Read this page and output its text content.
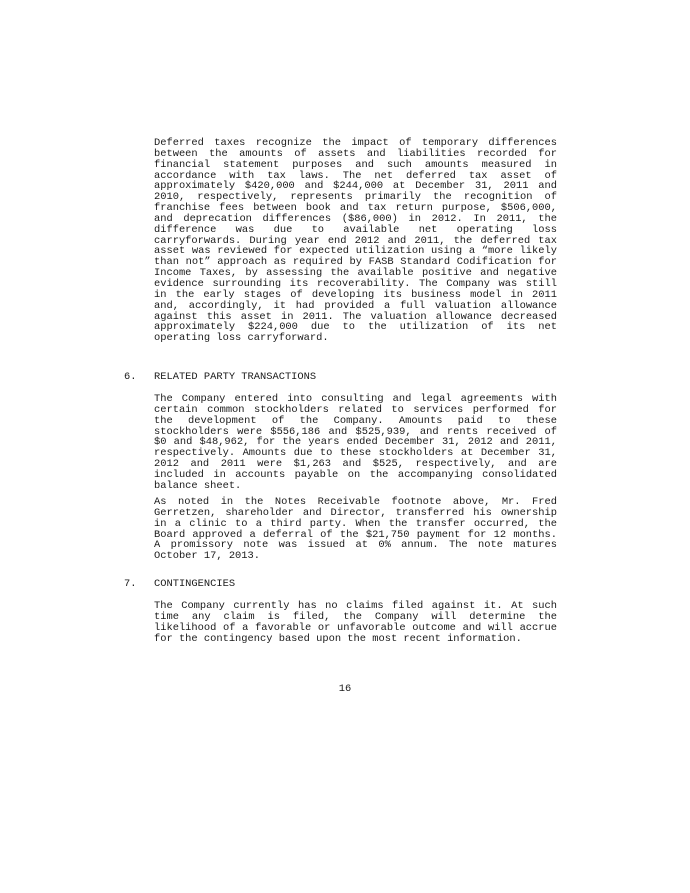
Deferred taxes recognize the impact of temporary differences between the amounts of assets and liabilities recorded for financial statement purposes and such amounts measured in accordance with tax laws. The net deferred tax asset of approximately $420,000 and $244,000 at December 31, 2011 and 2010, respectively, represents primarily the recognition of franchise fees between book and tax return purpose, $506,000, and deprecation differences ($86,000) in 2012. In 2011, the difference was due to available net operating loss carryforwards. During year end 2012 and 2011, the deferred tax asset was reviewed for expected utilization using a “more likely than not” approach as required by FASB Standard Codification for Income Taxes, by assessing the available positive and negative evidence surrounding its recoverability. The Company was still in the early stages of developing its business model in 2011 and, accordingly, it had provided a full valuation allowance against this asset in 2011. The valuation allowance decreased approximately $224,000 due to the utilization of its net operating loss carryforward.

6. RELATED PARTY TRANSACTIONS

The Company entered into consulting and legal agreements with certain common stockholders related to services performed for the development of the Company. Amounts paid to these stockholders were $556,186 and $525,939, and rents received of $0 and $48,962, for the years ended December 31, 2012 and 2011, respectively. Amounts due to these stockholders at December 31, 2012 and 2011 were $1,263 and $525, respectively, and are included in accounts payable on the accompanying consolidated balance sheet.

As noted in the Notes Receivable footnote above, Mr. Fred Gerretzen, shareholder and Director, transferred his ownership in a clinic to a third party. When the transfer occurred, the Board approved a deferral of the $21,750 payment for 12 months. A promissory note was issued at 0% annum. The note matures October 17, 2013.

7. CONTINGENCIES

The Company currently has no claims filed against it. At such time any claim is filed, the Company will determine the likelihood of a favorable or unfavorable outcome and will accrue for the contingency based upon the most recent information.

16
